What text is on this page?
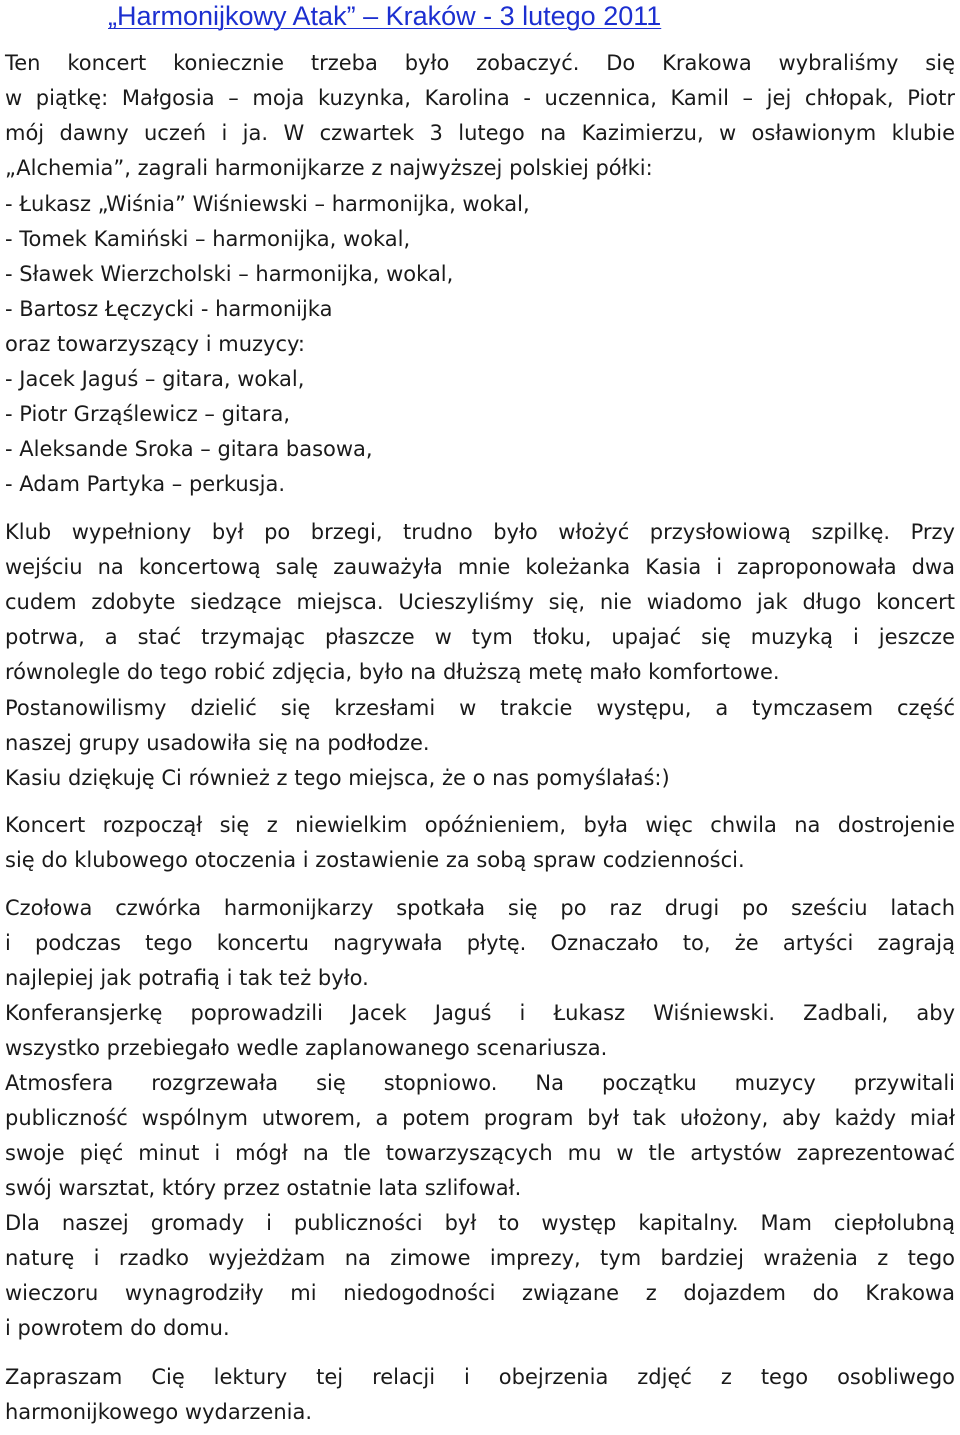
„Harmonijkowy Atak” – Kraków - 3 lutego 2011
Ten koncert koniecznie trzeba było zobaczyć. Do Krakowa wybraliśmy się
w piątkę: Małgosia – moja kuzynka, Karolina - uczennica, Kamil – jej chłopak, Piotr
mój dawny uczeń i ja. W czwartek 3 lutego na Kazimierzu, w osławionym klubie
„Alchemia”, zagrali harmonijkarze z najwyższej polskiej półki:
- Łukasz „Wiśnia” Wiśniewski – harmonijka, wokal,
- Tomek Kamiński – harmonijka, wokal,
- Sławek Wierzcholski – harmonijka, wokal,
- Bartosz Łęczycki - harmonijka
oraz towarzyszący i muzycy:
- Jacek Jaguś – gitara, wokal,
- Piotr Grząślewicz – gitara,
- Aleksande Sroka – gitara basowa,
- Adam Partyka – perkusja.
Klub wypełniony był po brzegi, trudno było włożyć przysłowiową szpilkę. Przy
wejściu na koncertową salę zauważyła mnie koleżanka Kasia i zaproponowała dwa
cudem zdobyte siedzące miejsca. Ucieszyliśmy się, nie wiadomo jak długo koncert
potrwa, a stać trzymając płaszcze w tym tłoku, upajać się muzyką i jeszcze
równolegle do tego robić zdjęcia, było na dłuższą metę mało komfortowe.
Postanowilismy dzielić się krzesłami w trakcie występu, a tymczasem część
naszej grupy usadowiła się na podłodze.
Kasiu dziękuję Ci również z tego miejsca, że o nas pomyślałaś:)
Koncert rozpoczął się z niewielkim opóźnieniem, była więc chwila na dostrojenie
się do klubowego otoczenia i zostawienie za sobą spraw codzienności.
Czołowa czwórka harmonijkarzy spotkała się po raz drugi po sześciu latach
i podczas tego koncertu nagrywała płytę. Oznaczało to, że artyści zagrają
najlepiej jak potrafią i tak też było.
Konferansjerkę poprowadzili Jacek Jaguś i Łukasz Wiśniewski. Zadbali, aby
wszystko przebiegało wedle zaplanowanego scenariusza.
Atmosfera rozgrzewała się stopniowo. Na początku muzycy przywitali
publiczność wspólnym utworem, a potem program był tak ułożony, aby każdy miał
swoje pięć minut i mógł na tle towarzyszących mu w tle artystów zaprezentować
swój warsztat, który przez ostatnie lata szlifował.
Dla naszej gromady i publiczności był to występ kapitalny. Mam ciepłolubną
naturę i rzadko wyjeżdżam na zimowe imprezy, tym bardziej wrażenia z tego
wieczoru wynagrodziły mi niedogodności związane z dojazdem do Krakowa
i powrotem do domu.
Zapraszam Cię lektury tej relacji i obejrzenia zdjęć z tego osobliwego
harmonijkowego wydarzenia.
